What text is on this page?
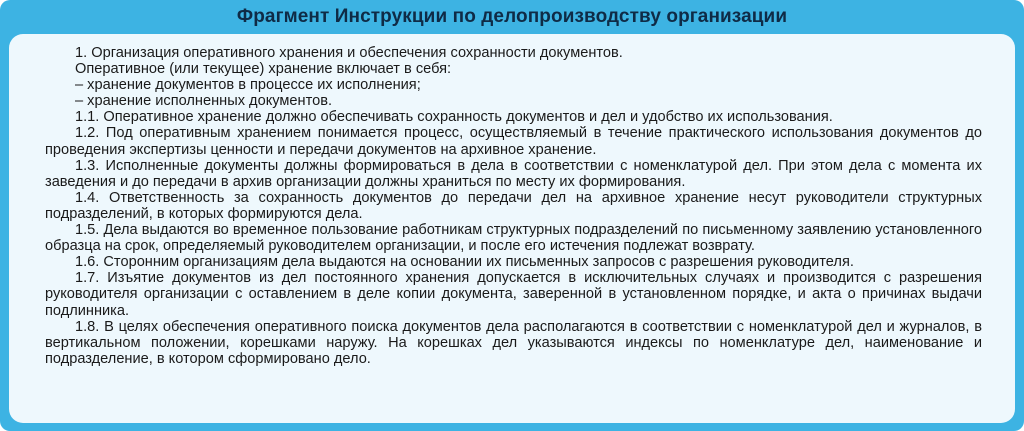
Фрагмент Инструкции по делопроизводству организации

1. Организация оперативного хранения и обеспечения сохранности документов.

Оперативное (или текущее) хранение включает в себя:

– хранение документов в процессе их исполнения;

– хранение исполненных документов.

1.1. Оперативное хранение должно обеспечивать сохранность документов и дел и удобство их использования.

1.2. Под оперативным хранением понимается процесс, осуществляемый в течение практического использования документов до проведения экспертизы ценности и передачи документов на архивное хранение.

1.3. Исполненные документы должны формироваться в дела в соответствии с номенклатурой дел. При этом дела с момента их заведения и до передачи в архив организации должны храниться по месту их формирования.

1.4. Ответственность за сохранность документов до передачи дел на архивное хранение несут руководители структурных подразделений, в которых формируются дела.

1.5. Дела выдаются во временное пользование работникам структурных подразделений по письменному заявлению установленного образца на срок, определяемый руководителем организации, и после его истечения подлежат возврату.

1.6. Сторонним организациям дела выдаются на основании их письменных запросов с разрешения руководителя.

1.7. Изъятие документов из дел постоянного хранения допускается в исключительных случаях и производится с разрешения руководителя организации с оставлением в деле копии документа, заверенной в установленном порядке, и акта о причинах выдачи подлинника.

1.8. В целях обеспечения оперативного поиска документов дела располагаются в соответствии с номенклатурой дел и журналов, в вертикальном положении, корешками наружу. На корешках дел указываются индексы по номенклатуре дел, наименование и подразделение, в котором сформировано дело.
